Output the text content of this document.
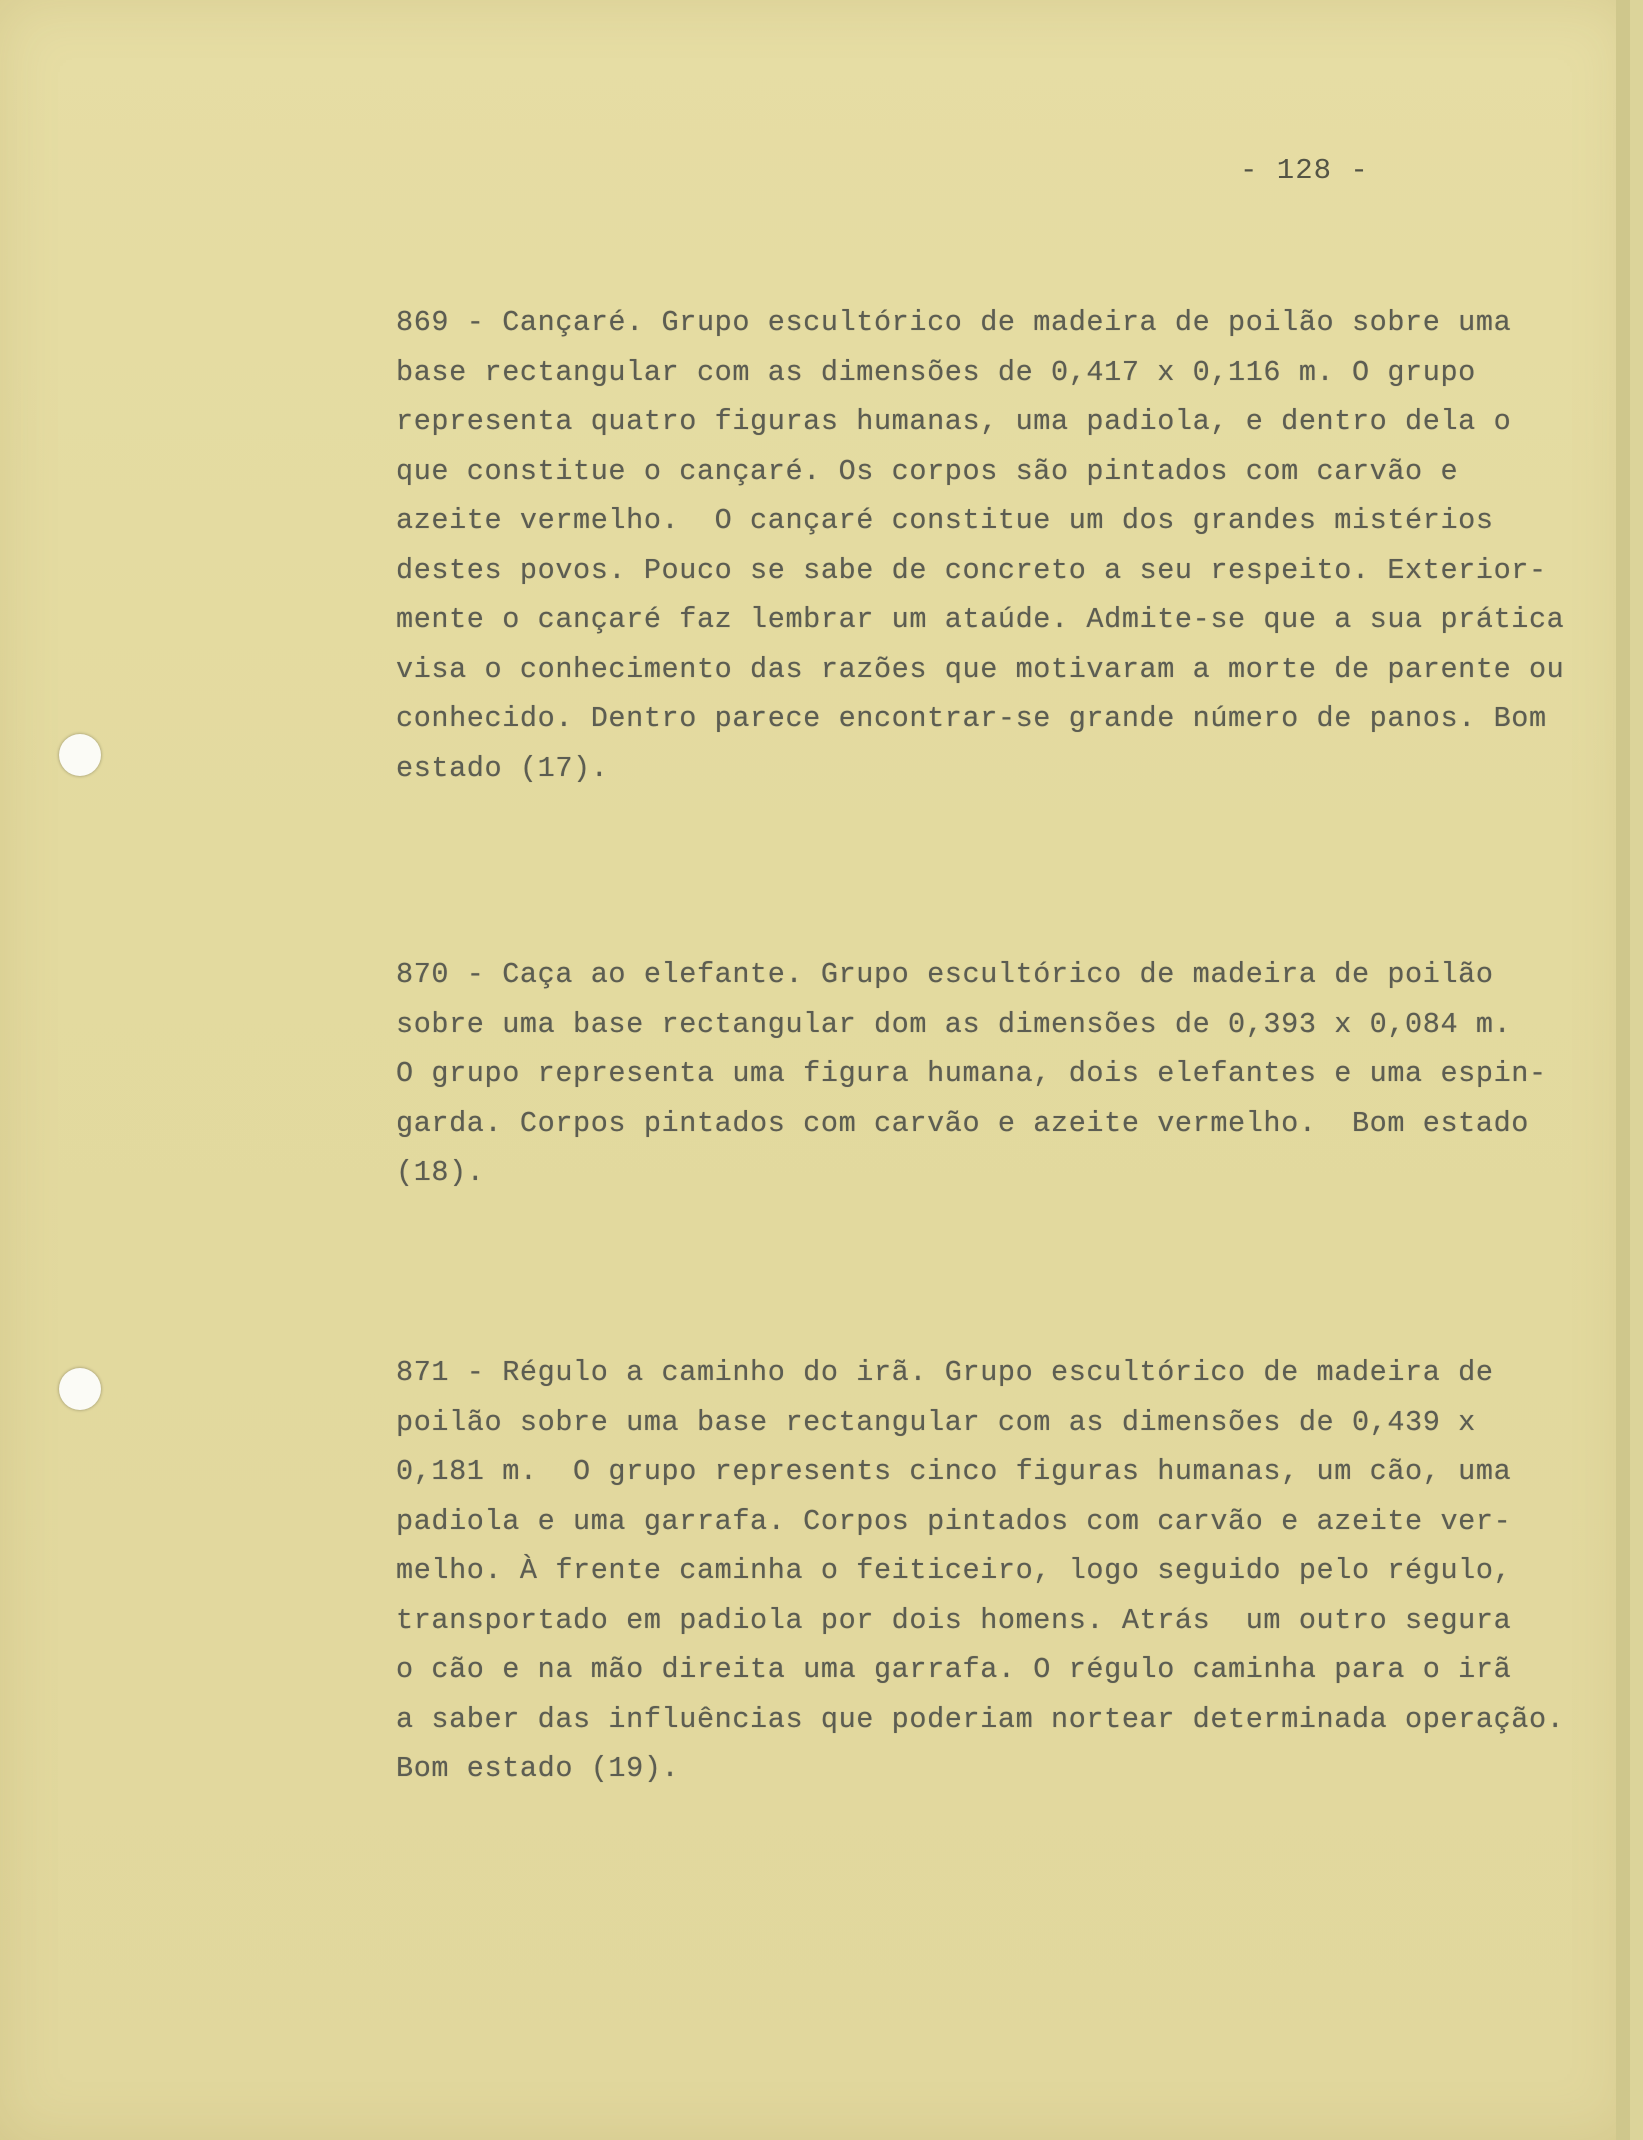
- 128 -
869 - Cançaré. Grupo escultórico de madeira de poilão sobre uma
base rectangular com as dimensões de 0,417 x 0,116 m. O grupo
representa quatro figuras humanas, uma padiola, e dentro dela o
que constitue o cançaré. Os corpos são pintados com carvão e
azeite vermelho.  O cançaré constitue um dos grandes mistérios
destes povos. Pouco se sabe de concreto a seu respeito. Exterior-
mente o cançaré faz lembrar um ataúde. Admite-se que a sua prática
visa o conhecimento das razões que motivaram a morte de parente ou
conhecido. Dentro parece encontrar-se grande número de panos. Bom
estado (17).
870 - Caça ao elefante. Grupo escultórico de madeira de poilão
sobre uma base rectangular dom as dimensões de 0,393 x 0,084 m.
O grupo representa uma figura humana, dois elefantes e uma espin-
garda. Corpos pintados com carvão e azeite vermelho.  Bom estado
(18).
871 - Régulo a caminho do irã. Grupo escultórico de madeira de
poilão sobre uma base rectangular com as dimensões de 0,439 x
0,181 m.  O grupo represents cinco figuras humanas, um cão, uma
padiola e uma garrafa. Corpos pintados com carvão e azeite ver-
melho. À frente caminha o feiticeiro, logo seguido pelo régulo,
transportado em padiola por dois homens. Atrás  um outro segura
o cão e na mão direita uma garrafa. O régulo caminha para o irã
a saber das influências que poderiam nortear determinada operação.
Bom estado (19).
